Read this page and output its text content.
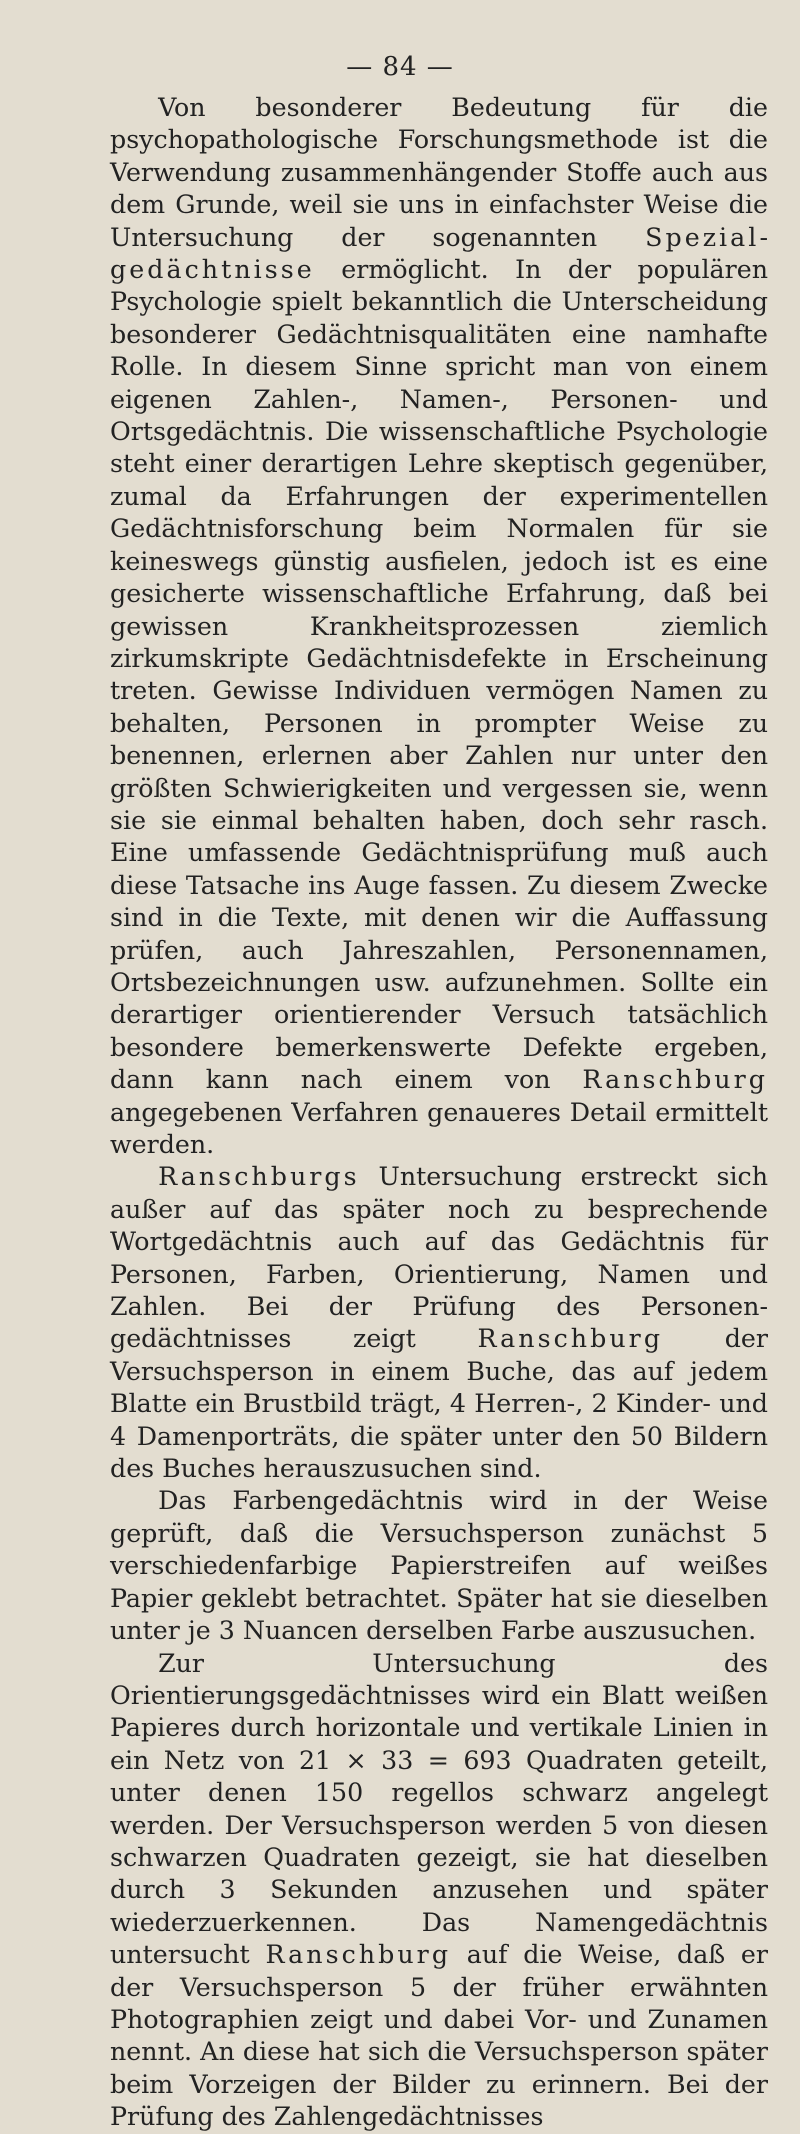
— 84 —

Von besonderer Bedeutung für die psychopathologische Forschungsmethode ist die Verwendung zusammenhängender Stoffe auch aus dem Grunde, weil sie uns in einfachster Weise die Untersuchung der sogenannten Spezialgedächtnisse ermöglicht. In der populären Psychologie spielt bekanntlich die Unterscheidung besonderer Gedächtnisqualitäten eine namhafte Rolle. In diesem Sinne spricht man von einem eigenen Zahlen-, Namen-, Personen- und Ortsgedächtnis. Die wissenschaftliche Psychologie steht einer derartigen Lehre skeptisch gegenüber, zumal da Erfahrungen der experimentellen Gedächtnisforschung beim Normalen für sie keineswegs günstig ausfielen, jedoch ist es eine gesicherte wissenschaftliche Erfahrung, daß bei gewissen Krankheitsprozessen ziemlich zirkumskripte Gedächtnisdefekte in Erscheinung treten. Gewisse Individuen vermögen Namen zu behalten, Personen in prompter Weise zu benennen, erlernen aber Zahlen nur unter den größten Schwierigkeiten und vergessen sie, wenn sie sie einmal behalten haben, doch sehr rasch. Eine umfassende Gedächtnisprüfung muß auch diese Tatsache ins Auge fassen. Zu diesem Zwecke sind in die Texte, mit denen wir die Auffassung prüfen, auch Jahreszahlen, Personennamen, Ortsbezeichnungen usw. aufzunehmen. Sollte ein derartiger orientierender Versuch tatsächlich besondere bemerkenswerte Defekte ergeben, dann kann nach einem von Ranschburg angegebenen Verfahren genaueres Detail ermittelt werden.

Ranschburgs Untersuchung erstreckt sich außer auf das später noch zu besprechende Wortgedächtnis auch auf das Gedächtnis für Personen, Farben, Orientierung, Namen und Zahlen. Bei der Prüfung des Personengedächtnisses zeigt Ranschburg der Versuchsperson in einem Buche, das auf jedem Blatte ein Brustbild trägt, 4 Herren-, 2 Kinder- und 4 Damenporträts, die später unter den 50 Bildern des Buches herauszusuchen sind.

Das Farbengedächtnis wird in der Weise geprüft, daß die Versuchsperson zunächst 5 verschiedenfarbige Papierstreifen auf weißes Papier geklebt betrachtet. Später hat sie dieselben unter je 3 Nuancen derselben Farbe auszusuchen.

Zur Untersuchung des Orientierungsgedächtnisses wird ein Blatt weißen Papieres durch horizontale und vertikale Linien in ein Netz von 21 × 33 = 693 Quadraten geteilt, unter denen 150 regellos schwarz angelegt werden. Der Versuchsperson werden 5 von diesen schwarzen Quadraten gezeigt, sie hat dieselben durch 3 Sekunden anzusehen und später wiederzuerkennen. Das Namengedächtnis untersucht Ranschburg auf die Weise, daß er der Versuchsperson 5 der früher erwähnten Photographien zeigt und dabei Vor- und Zunamen nennt. An diese hat sich die Versuchsperson später beim Vorzeigen der Bilder zu erinnern. Bei der Prüfung des Zahlengedächtnisses
